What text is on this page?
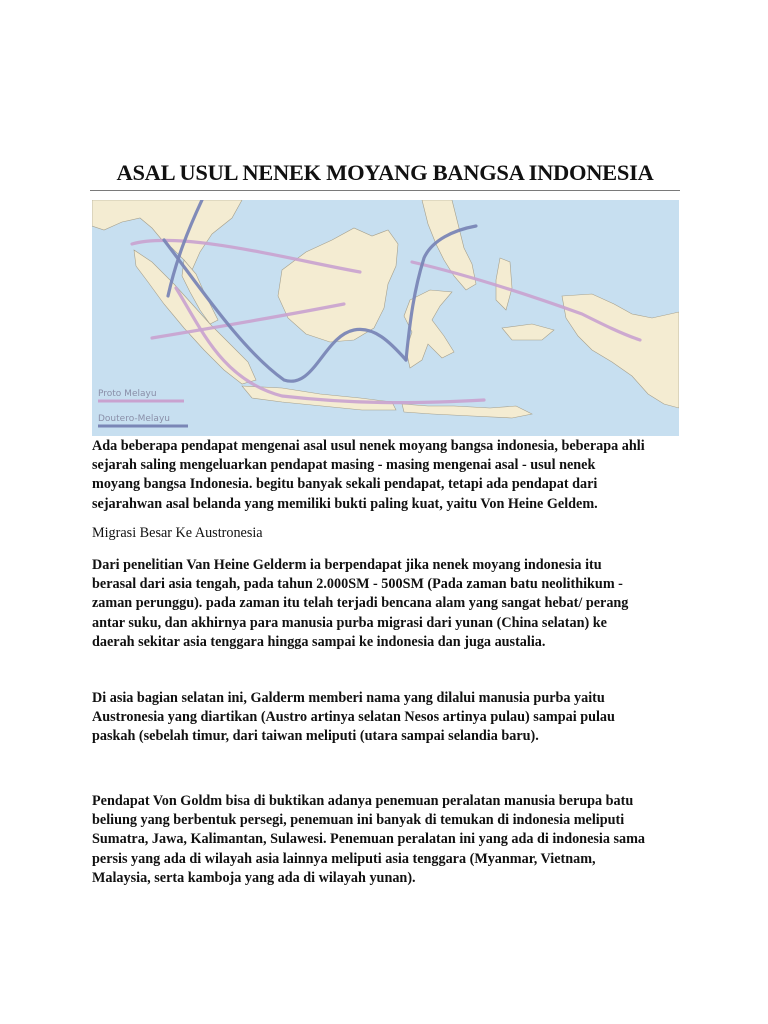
ASAL USUL NENEK MOYANG BANGSA INDONESIA
Proto Melayu
Doutero-Melayu
Ada beberapa pendapat mengenai asal usul nenek moyang bangsa indonesia, beberapa ahli
sejarah saling mengeluarkan pendapat masing - masing mengenai asal - usul nenek
moyang bangsa Indonesia. begitu banyak sekali pendapat, tetapi ada pendapat dari
sejarahwan asal belanda yang memiliki bukti paling kuat, yaitu Von Heine Geldem.
Migrasi Besar Ke Austronesia
Dari penelitian Van Heine Gelderm ia berpendapat jika nenek moyang indonesia itu
berasal dari asia tengah, pada tahun 2.000SM - 500SM (Pada zaman batu neolithikum -
zaman perunggu). pada zaman itu telah terjadi bencana alam yang sangat hebat/ perang
antar suku, dan akhirnya para manusia purba migrasi dari yunan (China selatan) ke
daerah sekitar asia tenggara hingga sampai ke indonesia dan juga austalia.
Di asia bagian selatan ini, Galderm memberi nama yang dilalui manusia purba yaitu
Austronesia yang diartikan (Austro artinya selatan Nesos artinya pulau) sampai pulau
paskah (sebelah timur, dari taiwan meliputi (utara sampai selandia baru).
Pendapat Von Goldm bisa di buktikan adanya penemuan peralatan manusia berupa batu
beliung yang berbentuk persegi, penemuan ini banyak di temukan di indonesia meliputi
Sumatra, Jawa, Kalimantan, Sulawesi. Penemuan peralatan ini yang ada di indonesia sama
persis yang ada di wilayah asia lainnya meliputi asia tenggara (Myanmar, Vietnam,
Malaysia, serta kamboja yang ada di wilayah yunan).
